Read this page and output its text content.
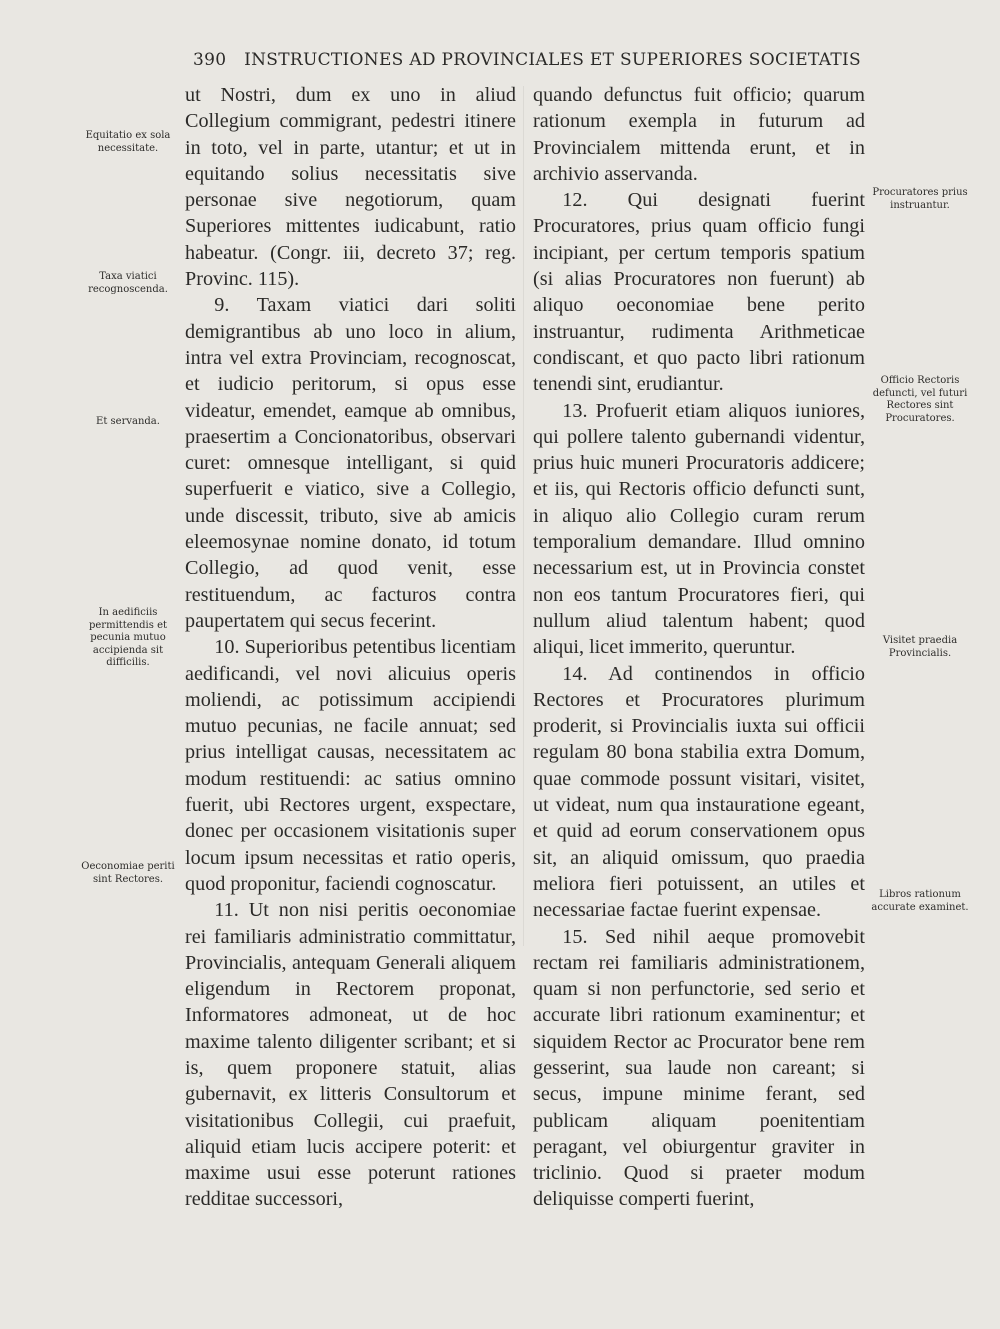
390 INSTRUCTIONES AD PROVINCIALES ET SUPERIORES SOCIETATIS

ut Nostri, dum ex uno in aliud Collegium commigrant, pedestri itinere in toto, vel in parte, utantur; et ut in equitando solius necessitatis sive personae sive negotiorum, quam Superiores mittentes iudicabunt, ratio habeatur. (Congr. iii, decreto 37; reg. Provinc. 115).

9. Taxam viatici dari soliti demigrantibus ab uno loco in alium, intra vel extra Provinciam, recognoscat, et iudicio peritorum, si opus esse videatur, emendet, eamque ab omnibus, praesertim a Concionatoribus, observari curet: omnesque intelligant, si quid superfuerit e viatico, sive a Collegio, unde discessit, tributo, sive ab amicis eleemosynae nomine donato, id totum Collegio, ad quod venit, esse restituendum, ac facturos contra paupertatem qui secus fecerint.

10. Superioribus petentibus licentiam aedificandi, vel novi alicuius operis moliendi, ac potissimum accipiendi mutuo pecunias, ne facile annuat; sed prius intelligat causas, necessitatem ac modum restituendi: ac satius omnino fuerit, ubi Rectores urgent, exspectare, donec per occasionem visitationis super locum ipsum necessitas et ratio operis, quod proponitur, faciendi cognoscatur.

11. Ut non nisi peritis oeconomiae rei familiaris administratio committatur, Provincialis, antequam Generali aliquem eligendum in Rectorem proponat, Informatores admoneat, ut de hoc maxime talento diligenter scribant; et si is, quem proponere statuit, alias gubernavit, ex litteris Consultorum et visitationibus Collegii, cui praefuit, aliquid etiam lucis accipere poterit: et maxime usui esse poterunt rationes redditae successori,

quando defunctus fuit officio; quarum rationum exempla in futurum ad Provincialem mittenda erunt, et in archivio asservanda.

12. Qui designati fuerint Procuratores, prius quam officio fungi incipiant, per certum temporis spatium (si alias Procuratores non fuerunt) ab aliquo oeconomiae bene perito instruantur, rudimenta Arithmeticae condiscant, et quo pacto libri rationum tenendi sint, erudiantur.

13. Profuerit etiam aliquos iuniores, qui pollere talento gubernandi videntur, prius huic muneri Procuratoris addicere; et iis, qui Rectoris officio defuncti sunt, in aliquo alio Collegio curam rerum temporalium demandare. Illud omnino necessarium est, ut in Provincia constet non eos tantum Procuratores fieri, qui nullum aliud talentum habent; quod aliqui, licet immerito, queruntur.

14. Ad continendos in officio Rectores et Procuratores plurimum proderit, si Provincialis iuxta sui officii regulam 80 bona stabilia extra Domum, quae commode possunt visitari, visitet, ut videat, num qua instauratione egeant, et quid ad eorum conservationem opus sit, an aliquid omissum, quo praedia meliora fieri potuissent, an utiles et necessariae factae fuerint expensae.

15. Sed nihil aeque promovebit rectam rei familiaris administrationem, quam si non perfunctorie, sed serio et accurate libri rationum examinentur; et siquidem Rector ac Procurator bene rem gesserint, sua laude non careant; si secus, impune minime ferant, sed publicam aliquam poenitentiam peragant, vel obiurgentur graviter in triclinio. Quod si praeter modum deliquisse comperti fuerint,

Equitatio ex sola necessitate.
Taxa viatici recognoscenda.
Et servanda.
In aedificiis permittendis et pecunia mutuo accipienda sit difficilis.
Oeconomiae periti sint Rectores.
Procuratores prius instruantur.
Officio Rectoris defuncti, vel futuri Rectores sint Procuratores.
Visitet praedia Provincialis.
Libros rationum accurate examinet.
